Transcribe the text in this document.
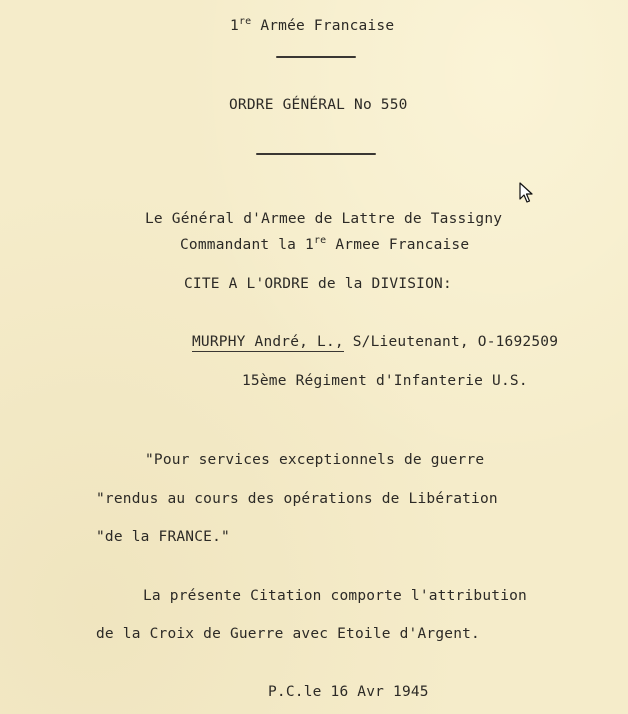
1re Armée Francaise
ORDRE GÉNÉRAL No 550
Le Général d'Armee de Lattre de Tassigny
Commandant la 1re Armee Francaise
CITE A L'ORDRE de la DIVISION:
MURPHY André, L., S/Lieutenant, O-1692509
15ème Régiment d'Infanterie U.S.
"Pour services exceptionnels de guerre
"rendus au cours des opérations de Libération
"de la FRANCE."
La présente Citation comporte l'attribution
de la Croix de Guerre avec Etoile d'Argent.
P.C.le 16 Avr 1945
